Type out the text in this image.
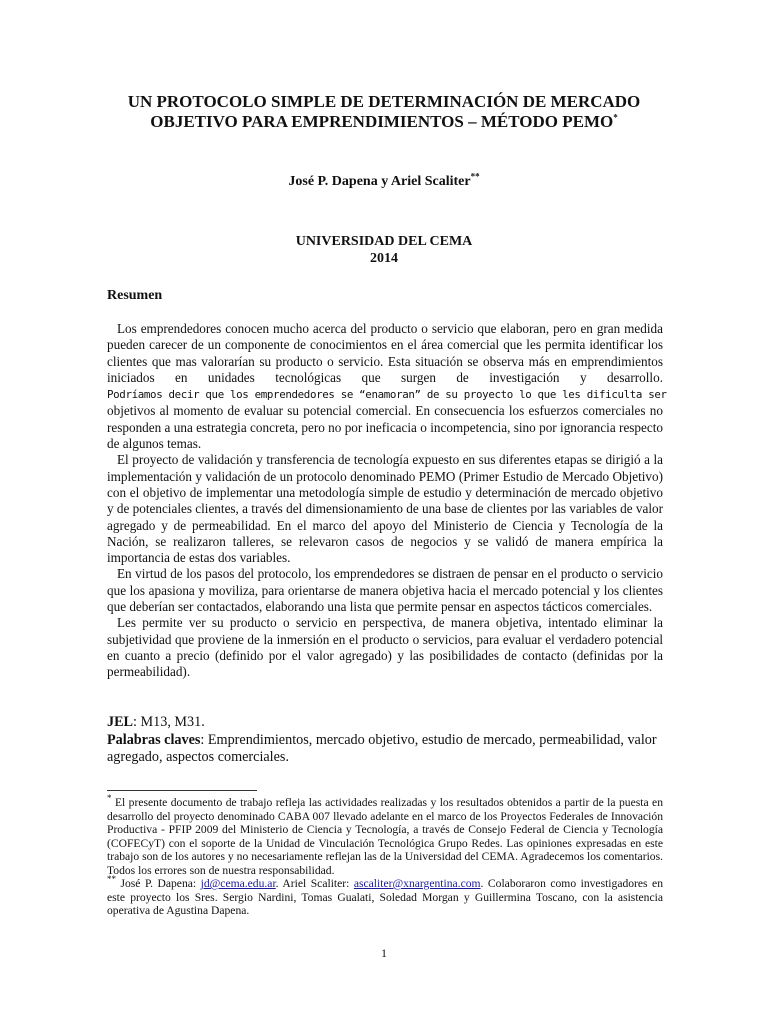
UN PROTOCOLO SIMPLE DE DETERMINACIÓN DE MERCADO
OBJETIVO PARA EMPRENDIMIENTOS – MÉTODO PEMO*
José P. Dapena y Ariel Scaliter**
UNIVERSIDAD DEL CEMA
2014
Resumen

Los emprendedores conocen mucho acerca del producto o servicio que elaboran, pero en gran medida pueden carecer de un componente de conocimientos en el área comercial que les permita identificar los clientes que mas valorarían su producto o servicio. Esta situación se observa más en emprendimientos iniciados en unidades tecnológicas que surgen de investigación y desarrollo. Podríamos decir que los emprendedores se “enamoran” de su proyecto lo que les dificulta ser objetivos al momento de evaluar su potencial comercial. En consecuencia los esfuerzos comerciales no responden a una estrategia concreta, pero no por ineficacia o incompetencia, sino por ignorancia respecto de algunos temas.

El proyecto de validación y transferencia de tecnología expuesto en sus diferentes etapas se dirigió a la implementación y validación de un protocolo denominado PEMO (Primer Estudio de Mercado Objetivo) con el objetivo de implementar una metodología simple de estudio y determinación de mercado objetivo y de potenciales clientes, a través del dimensionamiento de una base de clientes por las variables de valor agregado y de permeabilidad. En el marco del apoyo del Ministerio de Ciencia y Tecnología de la Nación, se realizaron talleres, se relevaron casos de negocios y se validó de manera empírica la importancia de estas dos variables.

En virtud de los pasos del protocolo, los emprendedores se distraen de pensar en el producto o servicio que los apasiona y moviliza, para orientarse de manera objetiva hacia el mercado potencial y los clientes que deberían ser contactados, elaborando una lista que permite pensar en aspectos tácticos comerciales.

Les permite ver su producto o servicio en perspectiva, de manera objetiva, intentado eliminar la subjetividad que proviene de la inmersión en el producto o servicios, para evaluar el verdadero potencial en cuanto a precio (definido por el valor agregado) y las posibilidades de contacto (definidas por la permeabilidad).

JEL: M13, M31.
Palabras claves: Emprendimientos, mercado objetivo, estudio de mercado, permeabilidad, valor agregado, aspectos comerciales.

* El presente documento de trabajo refleja las actividades realizadas y los resultados obtenidos a partir de la puesta en desarrollo del proyecto denominado CABA 007 llevado adelante en el marco de los Proyectos Federales de Innovación Productiva - PFIP 2009 del Ministerio de Ciencia y Tecnología, a través de Consejo Federal de Ciencia y Tecnología (COFECyT) con el soporte de la Unidad de Vinculación Tecnológica Grupo Redes. Las opiniones expresadas en este trabajo son de los autores y no necesariamente reflejan las de la Universidad del CEMA. Agradecemos los comentarios. Todos los errores son de nuestra responsabilidad.

** José P. Dapena: jd@cema.edu.ar. Ariel Scaliter: ascaliter@xnargentina.com. Colaboraron como investigadores en este proyecto los Sres. Sergio Nardini, Tomas Gualati, Soledad Morgan y Guillermina Toscano, con la asistencia operativa de Agustina Dapena.

1
